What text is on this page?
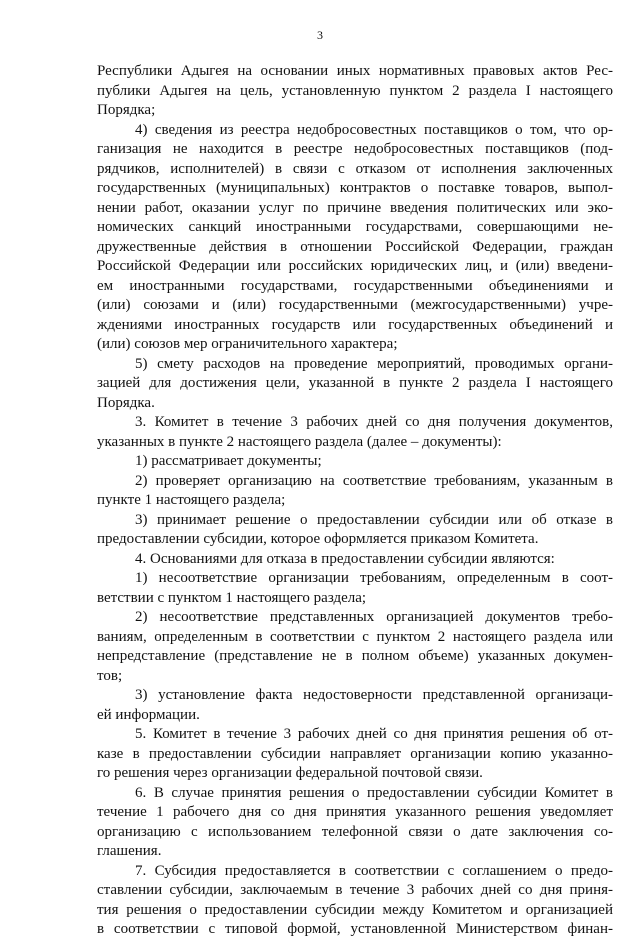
3
Республики Адыгея на основании иных нормативных правовых актов Рес-
публики Адыгея на цель, установленную пунктом 2 раздела I настоящего
Порядка;
4) сведения из реестра недобросовестных поставщиков о том, что ор-
ганизация не находится в реестре недобросовестных поставщиков (под-
рядчиков, исполнителей) в связи с отказом от исполнения заключенных
государственных (муниципальных) контрактов о поставке товаров, выпол-
нении работ, оказании услуг по причине введения политических или эко-
номических санкций иностранными государствами, совершающими не-
дружественные действия в отношении Российской Федерации, граждан
Российской Федерации или российских юридических лиц, и (или) введени-
ем иностранными государствами, государственными объединениями и
(или) союзами и (или) государственными (межгосударственными) учре-
ждениями иностранных государств или государственных объединений и
(или) союзов мер ограничительного характера;
5) смету расходов на проведение мероприятий, проводимых органи-
зацией для достижения цели, указанной в пункте 2 раздела I настоящего
Порядка.
3. Комитет в течение 3 рабочих дней со дня получения документов,
указанных в пункте 2 настоящего раздела (далее – документы):
1) рассматривает документы;
2) проверяет организацию на соответствие требованиям, указанным в
пункте 1 настоящего раздела;
3) принимает решение о предоставлении субсидии или об отказе в
предоставлении субсидии, которое оформляется приказом Комитета.
4. Основаниями для отказа в предоставлении субсидии являются:
1) несоответствие организации требованиям, определенным в соот-
ветствии с пунктом 1 настоящего раздела;
2) несоответствие представленных организацией документов требо-
ваниям, определенным в соответствии с пунктом 2 настоящего раздела или
непредставление (представление не в полном объеме) указанных докумен-
тов;
3) установление факта недостоверности представленной организаци-
ей информации.
5. Комитет в течение 3 рабочих дней со дня принятия решения об от-
казе в предоставлении субсидии направляет организации копию указанно-
го решения через организации федеральной почтовой связи.
6. В случае принятия решения о предоставлении субсидии Комитет в
течение 1 рабочего дня со дня принятия указанного решения уведомляет
организацию с использованием телефонной связи о дате заключения со-
глашения.
7. Субсидия предоставляется в соответствии с соглашением о предо-
ставлении субсидии, заключаемым в течение 3 рабочих дней со дня приня-
тия решения о предоставлении субсидии между Комитетом и организацией
в соответствии с типовой формой, установленной Министерством финан-
